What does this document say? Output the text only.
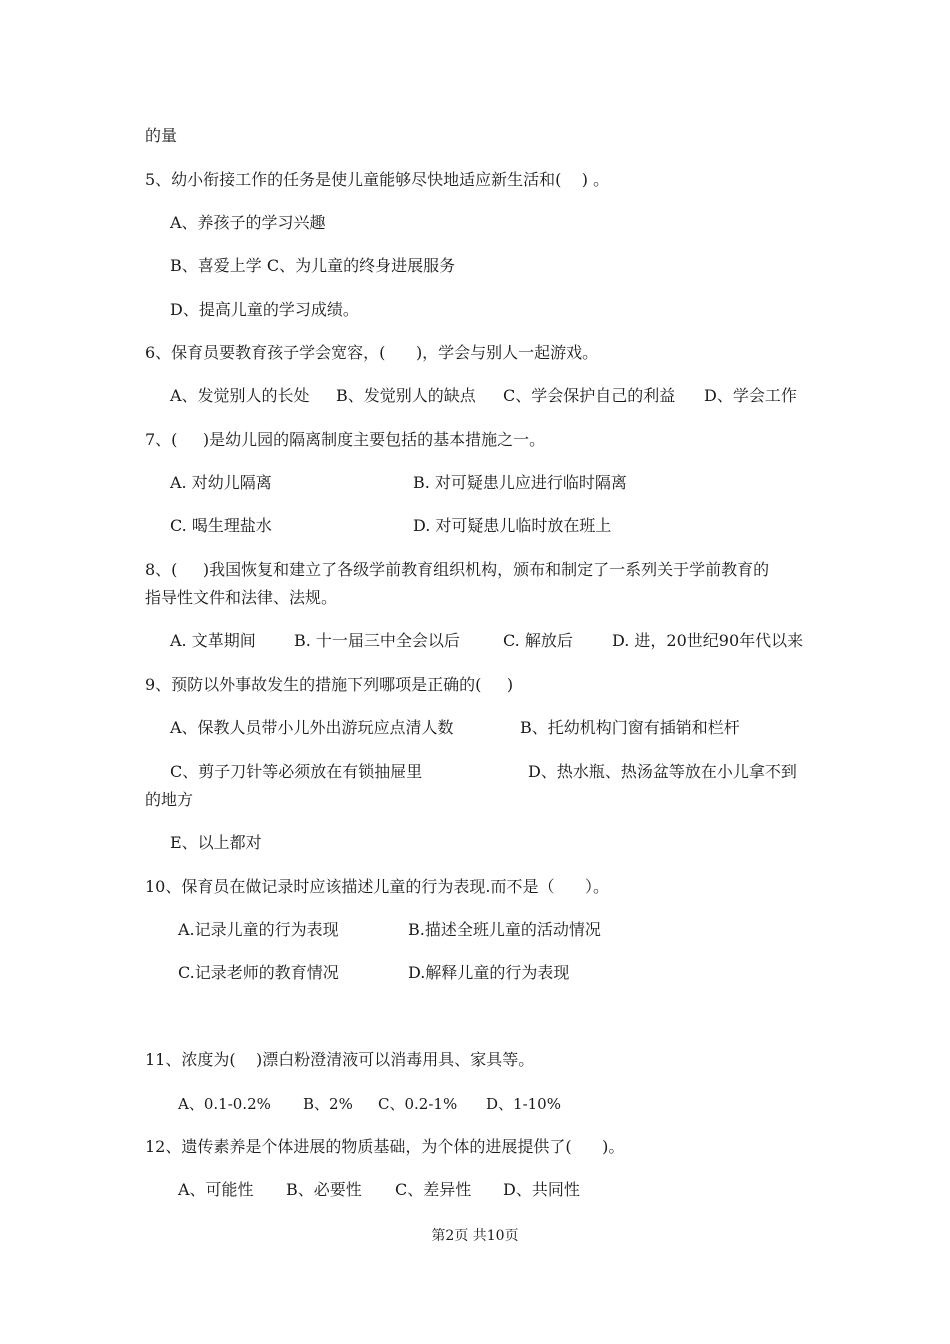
的量
5、幼小衔接工作的任务是使儿童能够尽快地适应新生活和(    ) 。
A、养孩子的学习兴趣
B、喜爱上学 C、为儿童的终身进展服务
D、提高儿童的学习成绩。
6、保育员要教育孩子学会宽容，(      )，学会与别人一起游戏。
A、发觉别人的长处 B、发觉别人的缺点 C、学会保护自己的利益 D、学会工作
7、(     )是幼儿园的隔离制度主要包括的基本措施之一。
A. 对幼儿隔离	B. 对可疑患儿应进行临时隔离
C. 喝生理盐水	D. 对可疑患儿临时放在班上
8、(     )我国恢复和建立了各级学前教育组织机构，颁布和制定了一系列关于学前教育的
指导性文件和法律、法规。
A. 文革期间 B. 十一届三中全会以后	C. 解放后 D. 进，20世纪90年代以来
9、预防以外事故发生的措施下列哪项是正确的(     )
A、保教人员带小儿外出游玩应点清人数	B、托幼机构门窗有插销和栏杆
C、剪子刀针等必须放在有锁抽屉里	D、热水瓶、热汤盆等放在小儿拿不到
的地方
E、以上都对
10、保育员在做记录时应该描述儿童的行为表现.而不是（      ）。
A.记录儿童的行为表现	B.描述全班儿童的活动情况
C.记录老师的教育情况	D.解释儿童的行为表现
11、浓度为(    )漂白粉澄清液可以消毒用具、家具等。
A、0.1-0.2% B、2% C、0.2-1% D、1-10%
12、遗传素养是个体进展的物质基础，为个体的进展提供了(      )。
A、可能性 B、必要性 C、差异性 D、共同性
第2页 共10页
